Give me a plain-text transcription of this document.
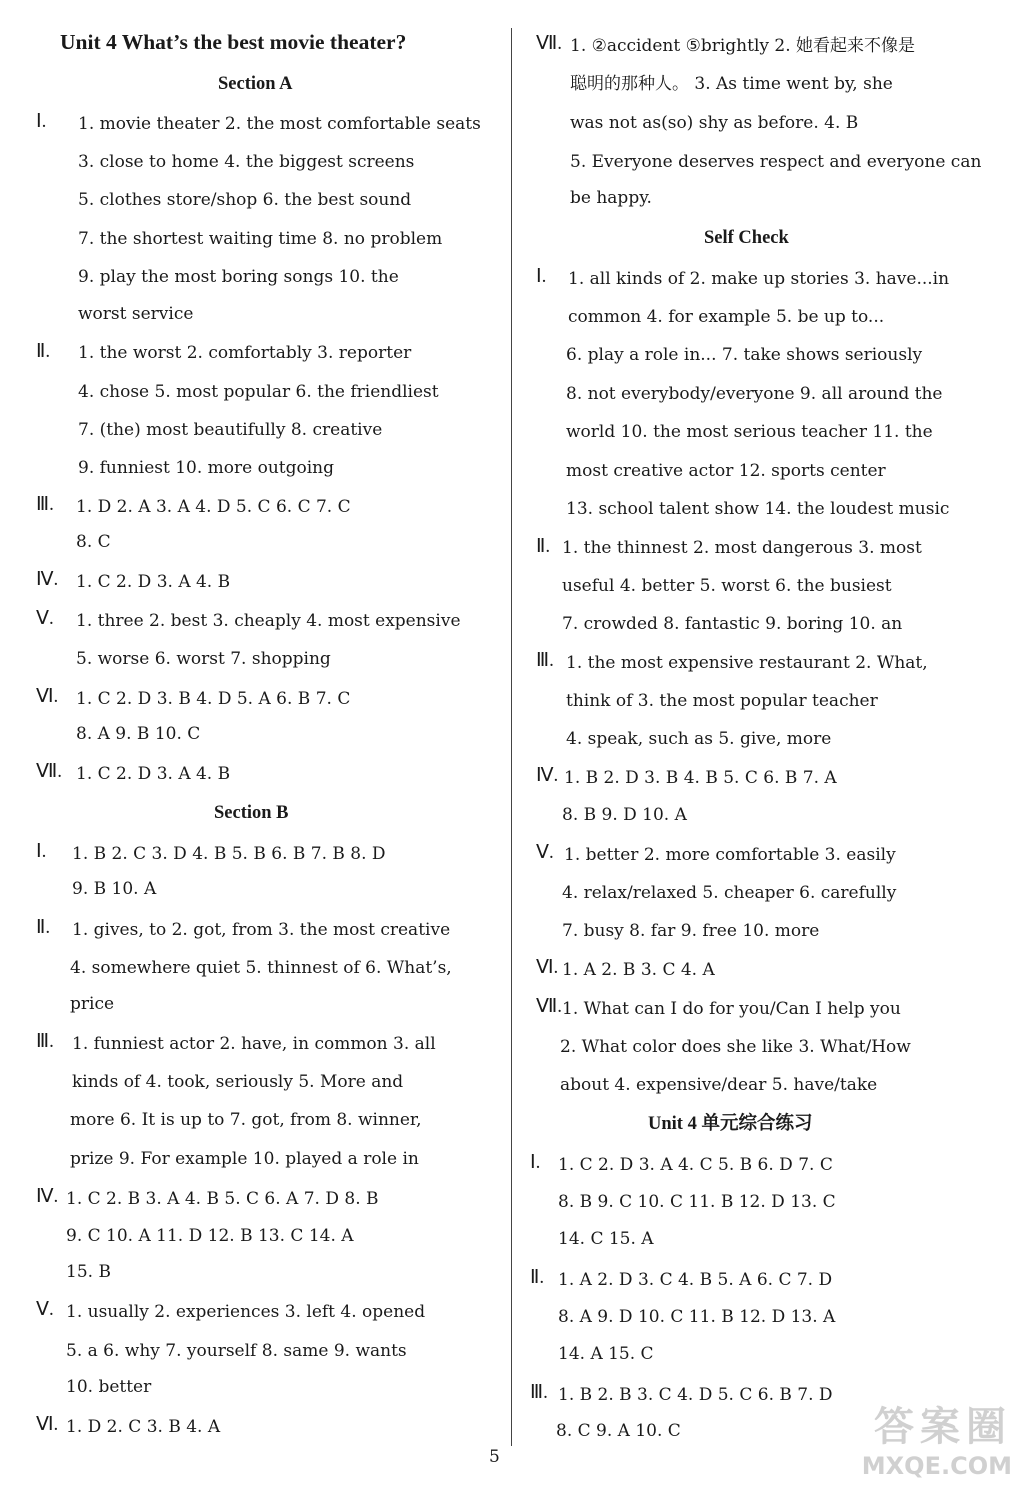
Unit 4 What’s the best movie theater?
Section A
Ⅰ. 1. movie theater 2. the most comfortable seats
3. close to home 4. the biggest screens
5. clothes store/shop 6. the best sound
7. the shortest waiting time 8. no problem
9. play the most boring songs 10. the
worst service
Ⅱ. 1. the worst 2. comfortably 3. reporter
4. chose 5. most popular 6. the friendliest
7. (the) most beautifully 8. creative
9. funniest 10. more outgoing
Ⅲ. 1. D 2. A 3. A 4. D 5. C 6. C 7. C
8. C
Ⅳ. 1. C 2. D 3. A 4. B
Ⅴ. 1. three 2. best 3. cheaply 4. most expensive
5. worse 6. worst 7. shopping
Ⅵ. 1. C 2. D 3. B 4. D 5. A 6. B 7. C
8. A 9. B 10. C
Ⅶ. 1. C 2. D 3. A 4. B
Section B
Ⅰ. 1. B 2. C 3. D 4. B 5. B 6. B 7. B 8. D
9. B 10. A
Ⅱ. 1. gives, to 2. got, from 3. the most creative
4. somewhere quiet 5. thinnest of 6. What’s,
price
Ⅲ. 1. funniest actor 2. have, in common 3. all
kinds of 4. took, seriously 5. More and
more 6. It is up to 7. got, from 8. winner,
prize 9. For example 10. played a role in
Ⅳ. 1. C 2. B 3. A 4. B 5. C 6. A 7. D 8. B
9. C 10. A 11. D 12. B 13. C 14. A
15. B
Ⅴ. 1. usually 2. experiences 3. left 4. opened
5. a 6. why 7. yourself 8. same 9. wants
10. better
Ⅵ. 1. D 2. C 3. B 4. A
Ⅶ. 1. ②accident ⑤brightly 2. 她看起来不像是
聪明的那种人。 3. As time went by, she
was not as(so) shy as before. 4. B
5. Everyone deserves respect and everyone can
be happy.
Self Check
Ⅰ. 1. all kinds of 2. make up stories 3. have...in
common 4. for example 5. be up to...
6. play a role in... 7. take shows seriously
8. not everybody/everyone 9. all around the
world 10. the most serious teacher 11. the
most creative actor 12. sports center
13. school talent show 14. the loudest music
Ⅱ. 1. the thinnest 2. most dangerous 3. most
useful 4. better 5. worst 6. the busiest
7. crowded 8. fantastic 9. boring 10. an
Ⅲ. 1. the most expensive restaurant 2. What,
think of 3. the most popular teacher
4. speak, such as 5. give, more
Ⅳ. 1. B 2. D 3. B 4. B 5. C 6. B 7. A
8. B 9. D 10. A
Ⅴ. 1. better 2. more comfortable 3. easily
4. relax/relaxed 5. cheaper 6. carefully
7. busy 8. far 9. free 10. more
Ⅵ. 1. A 2. B 3. C 4. A
Ⅶ. 1. What can I do for you/Can I help you
2. What color does she like 3. What/How
about 4. expensive/dear 5. have/take
Unit 4 单元综合练习
Ⅰ. 1. C 2. D 3. A 4. C 5. B 6. D 7. C
8. B 9. C 10. C 11. B 12. D 13. C
14. C 15. A
Ⅱ. 1. A 2. D 3. C 4. B 5. A 6. C 7. D
8. A 9. D 10. C 11. B 12. D 13. A
14. A 15. C
Ⅲ. 1. B 2. B 3. C 4. D 5. C 6. B 7. D
8. C 9. A 10. C
5
答案圈
MXQE.COM
